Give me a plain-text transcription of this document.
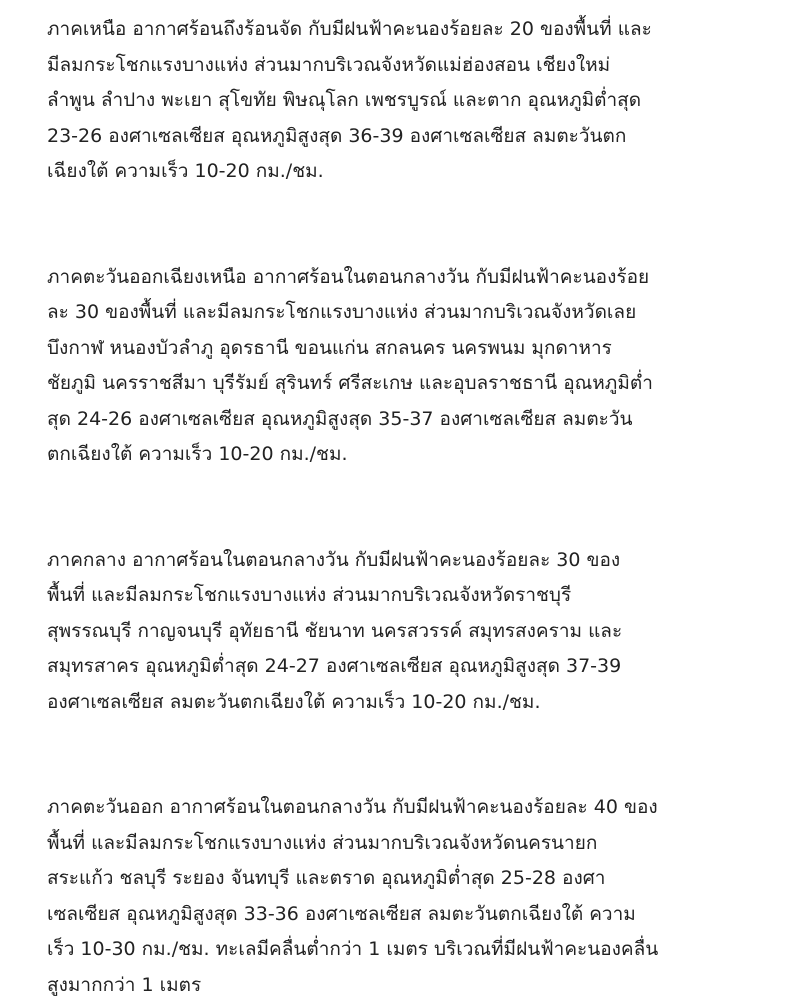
ภาคเหนือ อากาศร้อนถึงร้อนจัด กับมีฝนฟ้าคะนองร้อยละ 20 ของพื้นที่ และ
มีลมกระโชกแรงบางแห่ง ส่วนมากบริเวณจังหวัดแม่ฮ่องสอน เชียงใหม่
ลำพูน ลำปาง พะเยา สุโขทัย พิษณุโลก เพชรบูรณ์ และตาก อุณหภูมิต่ำสุด
23-26 องศาเซลเซียส อุณหภูมิสูงสุด 36-39 องศาเซลเซียส ลมตะวันตก
เฉียงใต้ ความเร็ว 10-20 กม./ชม.

ภาคตะวันออกเฉียงเหนือ อากาศร้อนในตอนกลางวัน กับมีฝนฟ้าคะนองร้อย
ละ 30 ของพื้นที่ และมีลมกระโชกแรงบางแห่ง ส่วนมากบริเวณจังหวัดเลย
บึงกาฬ หนองบัวลำภู อุดรธานี ขอนแก่น สกลนคร นครพนม มุกดาหาร
ชัยภูมิ นครราชสีมา บุรีรัมย์ สุรินทร์ ศรีสะเกษ และอุบลราชธานี อุณหภูมิต่ำ
สุด 24-26 องศาเซลเซียส อุณหภูมิสูงสุด 35-37 องศาเซลเซียส ลมตะวัน
ตกเฉียงใต้ ความเร็ว 10-20 กม./ชม.

ภาคกลาง อากาศร้อนในตอนกลางวัน กับมีฝนฟ้าคะนองร้อยละ 30 ของ
พื้นที่ และมีลมกระโชกแรงบางแห่ง ส่วนมากบริเวณจังหวัดราชบุรี
สุพรรณบุรี กาญจนบุรี อุทัยธานี ชัยนาท นครสวรรค์ สมุทรสงคราม และ
สมุทรสาคร อุณหภูมิต่ำสุด 24-27 องศาเซลเซียส อุณหภูมิสูงสุด 37-39
องศาเซลเซียส ลมตะวันตกเฉียงใต้ ความเร็ว 10-20 กม./ชม.

ภาคตะวันออก อากาศร้อนในตอนกลางวัน กับมีฝนฟ้าคะนองร้อยละ 40 ของ
พื้นที่ และมีลมกระโชกแรงบางแห่ง ส่วนมากบริเวณจังหวัดนครนายก
สระแก้ว ชลบุรี ระยอง จันทบุรี และตราด อุณหภูมิต่ำสุด 25-28 องศา
เซลเซียส อุณหภูมิสูงสุด 33-36 องศาเซลเซียส ลมตะวันตกเฉียงใต้ ความ
เร็ว 10-30 กม./ชม. ทะเลมีคลื่นต่ำกว่า 1 เมตร บริเวณที่มีฝนฟ้าคะนองคลื่น
สูงมากกว่า 1 เมตร
